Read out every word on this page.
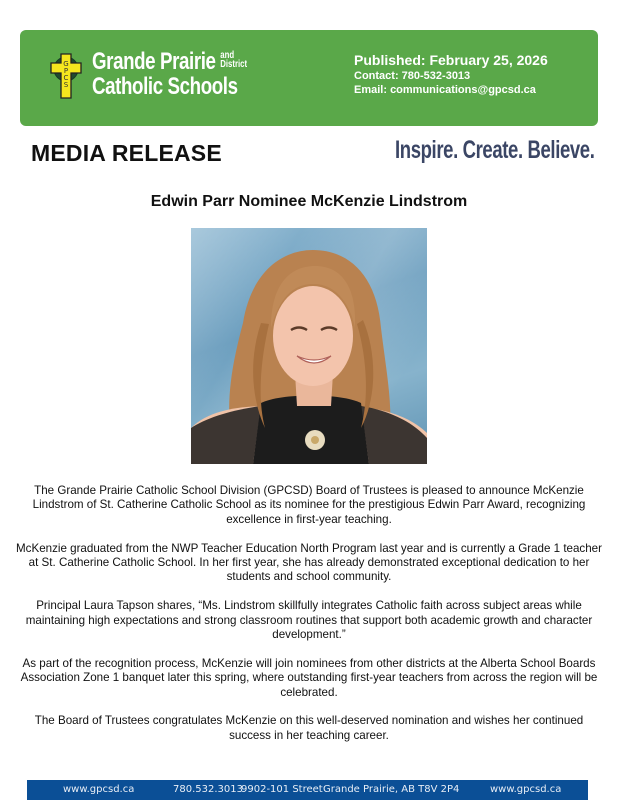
G
P
C
S
Grande Prairie and
District
Catholic Schools
Published: February 25, 2026
Contact: 780-532-3013
Email: communications@gpcsd.ca
MEDIA RELEASE	Inspire. Create. Believe.
Edwin Parr Nominee McKenzie Lindstrom

The Grande Prairie Catholic School Division (GPCSD) Board of Trustees is pleased to announce McKenzie Lindstrom of St. Catherine Catholic School as its nominee for the prestigious Edwin Parr Award, recognizing excellence in first-year teaching.

McKenzie graduated from the NWP Teacher Education North Program last year and is currently a Grade 1 teacher at St. Catherine Catholic School. In her first year, she has already demonstrated exceptional dedication to her students and school community.

Principal Laura Tapson shares, “Ms. Lindstrom skillfully integrates Catholic faith across subject areas while maintaining high expectations and strong classroom routines that support both academic growth and character development.”

As part of the recognition process, McKenzie will join nominees from other districts at the Alberta School Boards Association Zone 1 banquet later this spring, where outstanding first-year teachers from across the region will be celebrated.

The Board of Trustees congratulates McKenzie on this well-deserved nomination and wishes her continued success in her teaching career.

www.gpcsd.ca	780.532.3013
9902-101 Street Grande Prairie, AB T8V 2P4	www.gpcsd.ca
